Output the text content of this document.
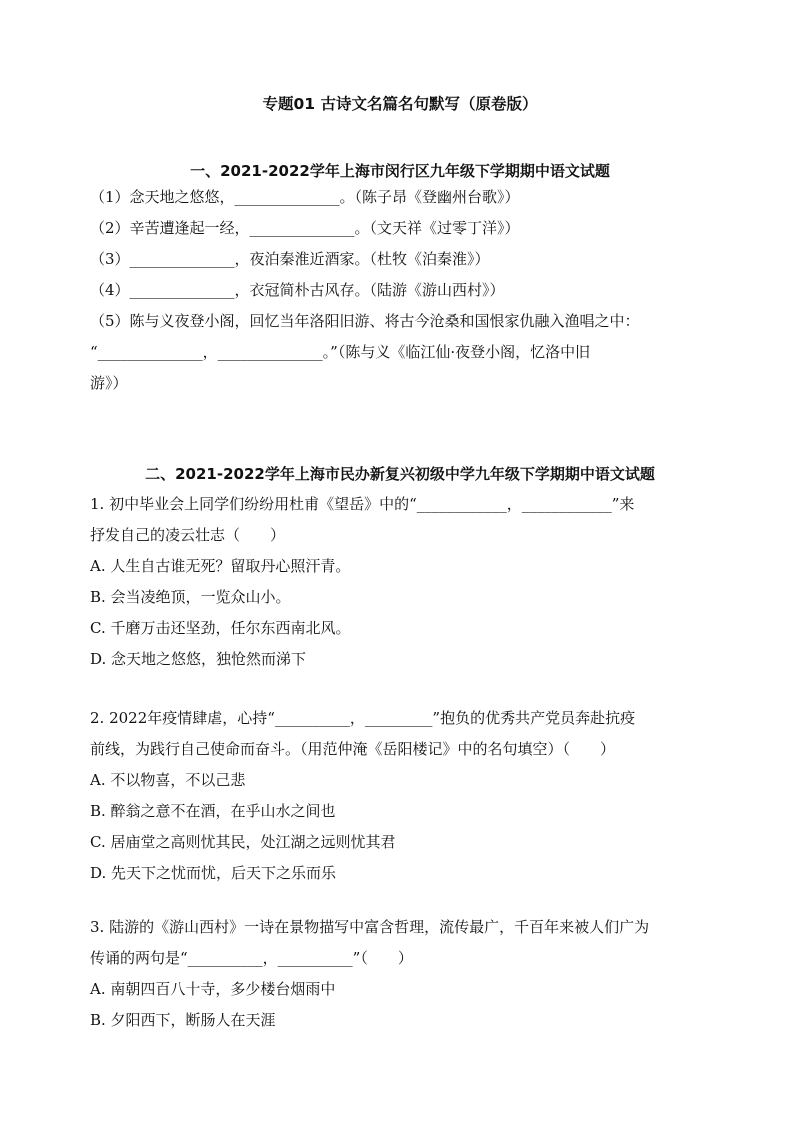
专题01 古诗文名篇名句默写（原卷版）
一、2021-2022学年上海市闵行区九年级下学期期中语文试题
（1）念天地之悠悠，______________。（陈子昂《登幽州台歌》）
（2）辛苦遭逢起一经，______________。（文天祥《过零丁洋》）
（3）______________，夜泊秦淮近酒家。（杜牧《泊秦淮》）
（4）______________，衣冠简朴古风存。（陆游《游山西村》）
（5）陈与义夜登小阁，回忆当年洛阳旧游、将古今沧桑和国恨家仇融入渔唱之中：
“______________，______________。”（陈与义《临江仙·夜登小阁，忆洛中旧
游》）
二、2021-2022学年上海市民办新复兴初级中学九年级下学期期中语文试题
1. 初中毕业会上同学们纷纷用杜甫《望岳》中的“____________，____________”来
抒发自己的凌云壮志（　　）
A. 人生自古谁无死？留取丹心照汗青。
B. 会当凌绝顶，一览众山小。
C. 千磨万击还坚劲，任尔东西南北风。
D. 念天地之悠悠，独怆然而涕下
2. 2022年疫情肆虐，心持“__________，_________”抱负的优秀共产党员奔赴抗疫
前线，为践行自己使命而奋斗。（用范仲淹《岳阳楼记》中的名句填空）（　　）
A. 不以物喜，不以己悲
B. 醉翁之意不在酒，在乎山水之间也
C. 居庙堂之高则忧其民，处江湖之远则忧其君
D. 先天下之忧而忧，后天下之乐而乐
3. 陆游的《游山西村》一诗在景物描写中富含哲理，流传最广，千百年来被人们广为
传诵的两句是“__________，__________”（　　）
A. 南朝四百八十寺，多少楼台烟雨中
B. 夕阳西下，断肠人在天涯
